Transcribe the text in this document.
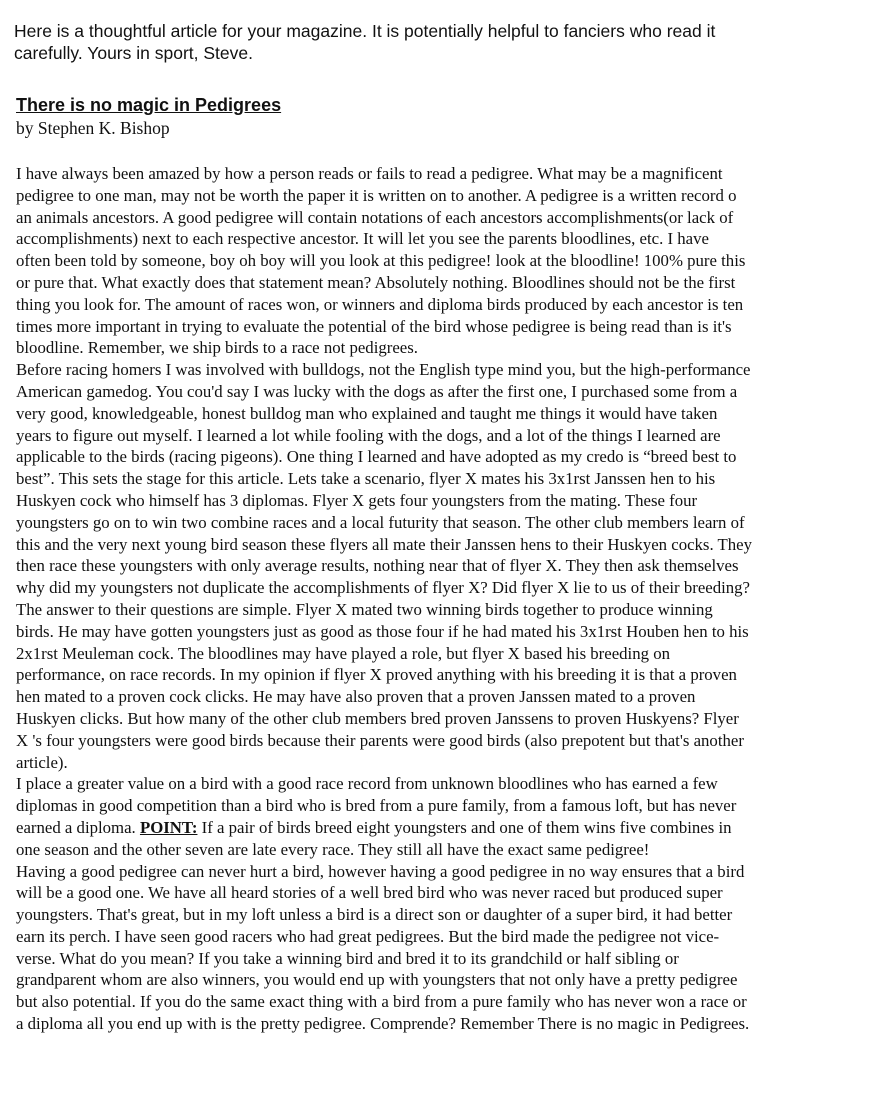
Here is a thoughtful article for your magazine. It is potentially helpful to fanciers who read it
carefully. Yours in sport, Steve.
There is no magic in Pedigrees
by Stephen K. Bishop

I have always been amazed by how a person reads or fails to read a pedigree. What may be a magnificent
pedigree to one man, may not be worth the paper it is written on to another. A pedigree is a written record o
an animals ancestors. A good pedigree will contain notations of each ancestors accomplishments(or lack of
accomplishments) next to each respective ancestor. It will let you see the parents bloodlines, etc. I have
often been told by someone, boy oh boy will you look at this pedigree! look at the bloodline! 100% pure this
or pure that. What exactly does that statement mean? Absolutely nothing. Bloodlines should not be the first
thing you look for. The amount of races won, or winners and diploma birds produced by each ancestor is ten
times more important in trying to evaluate the potential of the bird whose pedigree is being read than is it's
bloodline. Remember, we ship birds to a race not pedigrees.

Before racing homers I was involved with bulldogs, not the English type mind you, but the high-performance
American gamedog. You cou'd say I was lucky with the dogs as after the first one, I purchased some from a
very good, knowledgeable, honest bulldog man who explained and taught me things it would have taken
years to figure out myself. I learned a lot while fooling with the dogs, and a lot of the things I learned are
applicable to the birds (racing pigeons). One thing I learned and have adopted as my credo is “breed best to
best”. This sets the stage for this article. Lets take a scenario, flyer X mates his 3x1rst Janssen hen to his
Huskyen cock who himself has 3 diplomas. Flyer X gets four youngsters from the mating. These four
youngsters go on to win two combine races and a local futurity that season. The other club members learn of
this and the very next young bird season these flyers all mate their Janssen hens to their Huskyen cocks. They
then race these youngsters with only average results, nothing near that of flyer X. They then ask themselves
why did my youngsters not duplicate the accomplishments of flyer X? Did flyer X lie to us of their breeding?
The answer to their questions are simple. Flyer X mated two winning birds together to produce winning
birds. He may have gotten youngsters just as good as those four if he had mated his 3x1rst Houben hen to his
2x1rst Meuleman cock. The bloodlines may have played a role, but flyer X based his breeding on
performance, on race records. In my opinion if flyer X proved anything with his breeding it is that a proven
hen mated to a proven cock clicks. He may have also proven that a proven Janssen mated to a proven
Huskyen clicks. But how many of the other club members bred proven Janssens to proven Huskyens? Flyer
X 's four youngsters were good birds because their parents were good birds (also prepotent but that's another
article).

I place a greater value on a bird with a good race record from unknown bloodlines who has earned a few
diplomas in good competition than a bird who is bred from a pure family, from a famous loft, but has never
earned a diploma. POINT: If a pair of birds breed eight youngsters and one of them wins five combines in
one season and the other seven are late every race. They still all have the exact same pedigree!

Having a good pedigree can never hurt a bird, however having a good pedigree in no way ensures that a bird
will be a good one. We have all heard stories of a well bred bird who was never raced but produced super
youngsters. That's great, but in my loft unless a bird is a direct son or daughter of a super bird, it had better
earn its perch. I have seen good racers who had great pedigrees. But the bird made the pedigree not vice-
verse. What do you mean? If you take a winning bird and bred it to its grandchild or half sibling or
grandparent whom are also winners, you would end up with youngsters that not only have a pretty pedigree
but also potential. If you do the same exact thing with a bird from a pure family who has never won a race or
a diploma all you end up with is the pretty pedigree. Comprende? Remember There is no magic in Pedigrees.
